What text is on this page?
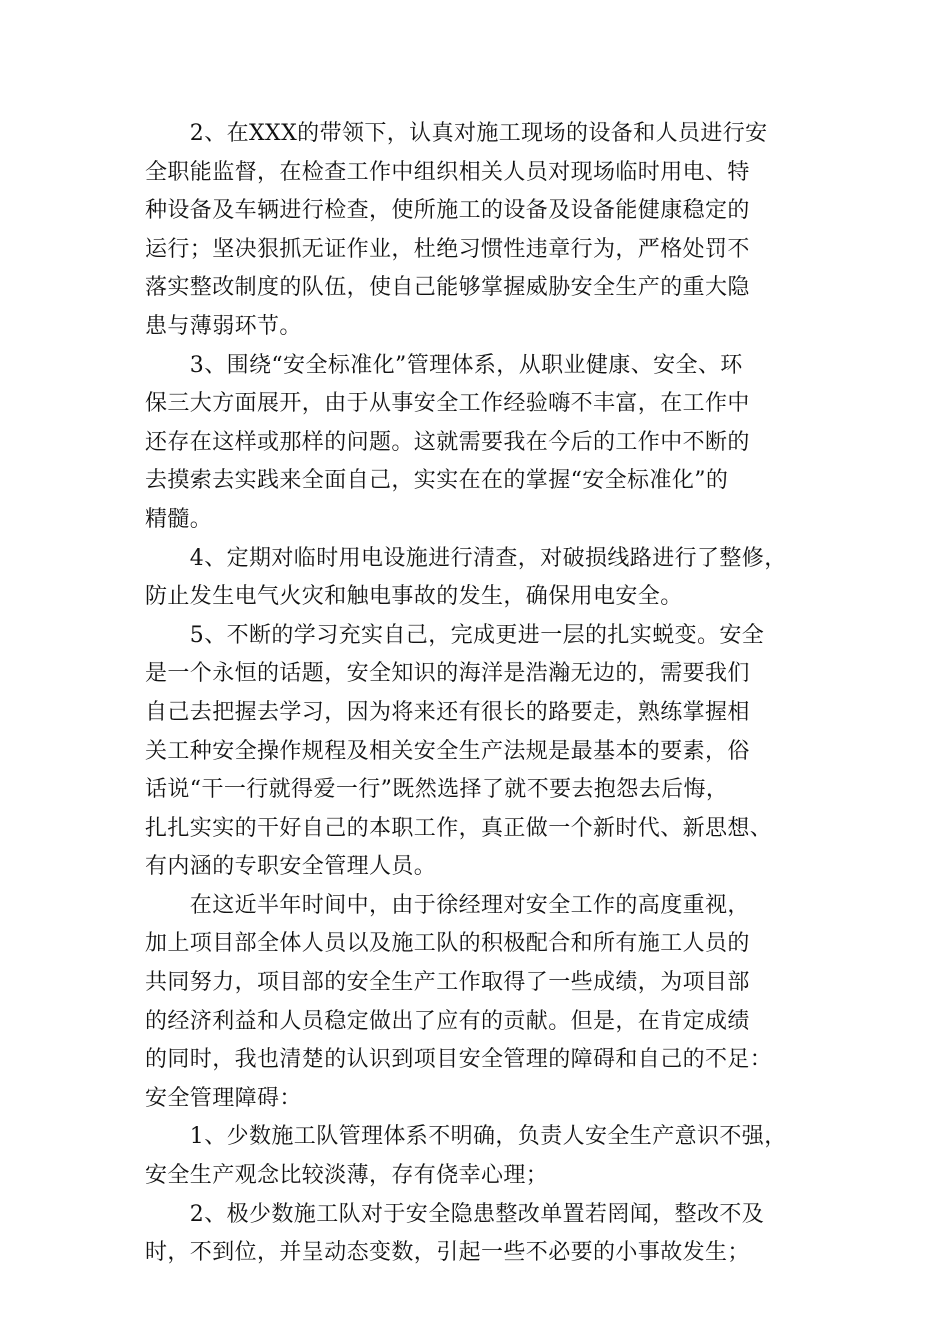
　　2、在XXX的带领下，认真对施工现场的设备和人员进行安
全职能监督，在检查工作中组织相关人员对现场临时用电、特
种设备及车辆进行检查，使所施工的设备及设备能健康稳定的
运行；坚决狠抓无证作业，杜绝习惯性违章行为，严格处罚不
落实整改制度的队伍，使自己能够掌握威胁安全生产的重大隐
患与薄弱环节。
　　3、围绕“安全标准化”管理体系，从职业健康、安全、环
保三大方面展开，由于从事安全工作经验嗨不丰富，在工作中
还存在这样或那样的问题。这就需要我在今后的工作中不断的
去摸索去实践来全面自己，实实在在的掌握“安全标准化”的
精髓。
　　4、定期对临时用电设施进行清查，对破损线路进行了整修，
防止发生电气火灾和触电事故的发生，确保用电安全。
　　5、不断的学习充实自己，完成更进一层的扎实蜕变。安全
是一个永恒的话题，安全知识的海洋是浩瀚无边的，需要我们
自己去把握去学习，因为将来还有很长的路要走，熟练掌握相
关工种安全操作规程及相关安全生产法规是最基本的要素，俗
话说“干一行就得爱一行”既然选择了就不要去抱怨去后悔，
扎扎实实的干好自己的本职工作，真正做一个新时代、新思想、
有内涵的专职安全管理人员。
　　在这近半年时间中，由于徐经理对安全工作的高度重视，
加上项目部全体人员以及施工队的积极配合和所有施工人员的
共同努力，项目部的安全生产工作取得了一些成绩，为项目部
的经济利益和人员稳定做出了应有的贡献。但是，在肯定成绩
的同时，我也清楚的认识到项目安全管理的障碍和自己的不足：
安全管理障碍：
　　1、少数施工队管理体系不明确，负责人安全生产意识不强，
安全生产观念比较淡薄，存有侥幸心理；
　　2、极少数施工队对于安全隐患整改单置若罔闻，整改不及
时，不到位，并呈动态变数，引起一些不必要的小事故发生；
